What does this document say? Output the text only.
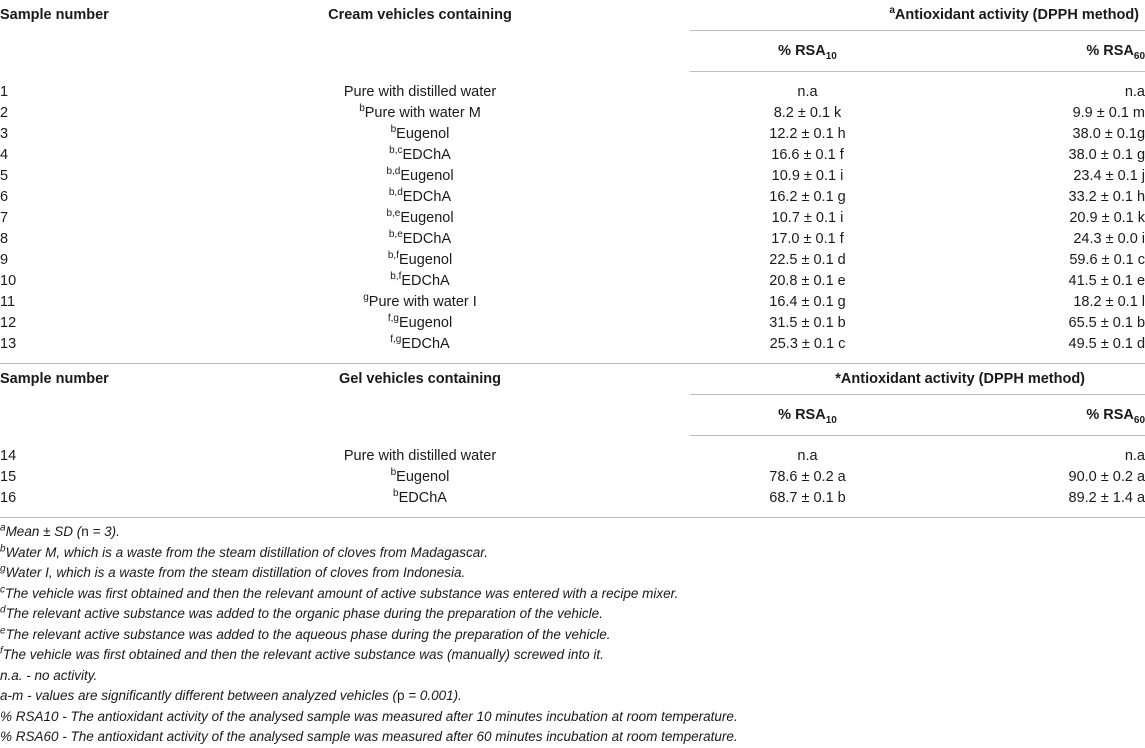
Sample number	Cream vehicles containing	$^a$Antioxidant activity (DPPH method)	
		% $RSA_{10}$	% $RSA_{60}$
1	Pure with distilled water	n.a	n.a
2	$^b$Pure with water M	8.2 ± 0.1 k	9.9 ± 0.1 m
3	$^b$Eugenol	12.2 ± 0.1 h	38.0 ± 0.1g
4	$^{b,c}$EDChA	16.6 ± 0.1 f	38.0 ± 0.1 g
5	$^{b,d}$Eugenol	10.9 ± 0.1 i	23.4 ± 0.1 j
6	$^{b,d}$EDChA	16.2 ± 0.1 g	33.2 ± 0.1 h
7	$^{b,e}$Eugenol	10.7 ± 0.1 i	20.9 ± 0.1 k
8	$^{b,e}$EDChA	17.0 ± 0.1 f	24.3 ± 0.0 i
9	$^{b,f}$Eugenol	22.5 ± 0.1 d	59.6 ± 0.1 c
10	$^{b,f}$EDChA	20.8 ± 0.1 e	41.5 ± 0.1 e
11	$^g$Pure with water I	16.4 ± 0.1 g	18.2 ± 0.1 l
12	$^{f,g}$Eugenol	31.5 ± 0.1 b	65.5 ± 0.1 b
13	$^{f,g}$EDChA	25.3 ± 0.1 c	49.5 ± 0.1 d
Sample number	Gel vehicles containing	*Antioxidant activity (DPPH method)	
		% $RSA_{10}$	% $RSA_{60}$
14	Pure with distilled water	n.a	n.a
15	$^b$Eugenol	78.6 ± 0.2 a	90.0 ± 0.2 a
16	$^b$EDChA	68.7 ± 0.1 b	89.2 ± 1.4 a
$^a$Mean ± SD (n = 3).
$^b$Water M, which is a waste from the steam distillation of cloves from Madagascar.
$^g$Water I, which is a waste from the steam distillation of cloves from Indonesia.
$^c$The vehicle was first obtained and then the relevant amount of active substance was entered with a recipe mixer.
$^d$The relevant active substance was added to the organic phase during the preparation of the vehicle.
$^e$The relevant active substance was added to the aqueous phase during the preparation of the vehicle.
$^f$The vehicle was first obtained and then the relevant active substance was (manually) screwed into it.
n.a. - no activity.
a-m - values are significantly different between analyzed vehicles (p = 0.001).
% RSA10 - The antioxidant activity of the analysed sample was measured after 10 minutes incubation at room temperature.
% RSA60 - The antioxidant activity of the analysed sample was measured after 60 minutes incubation at room temperature.
